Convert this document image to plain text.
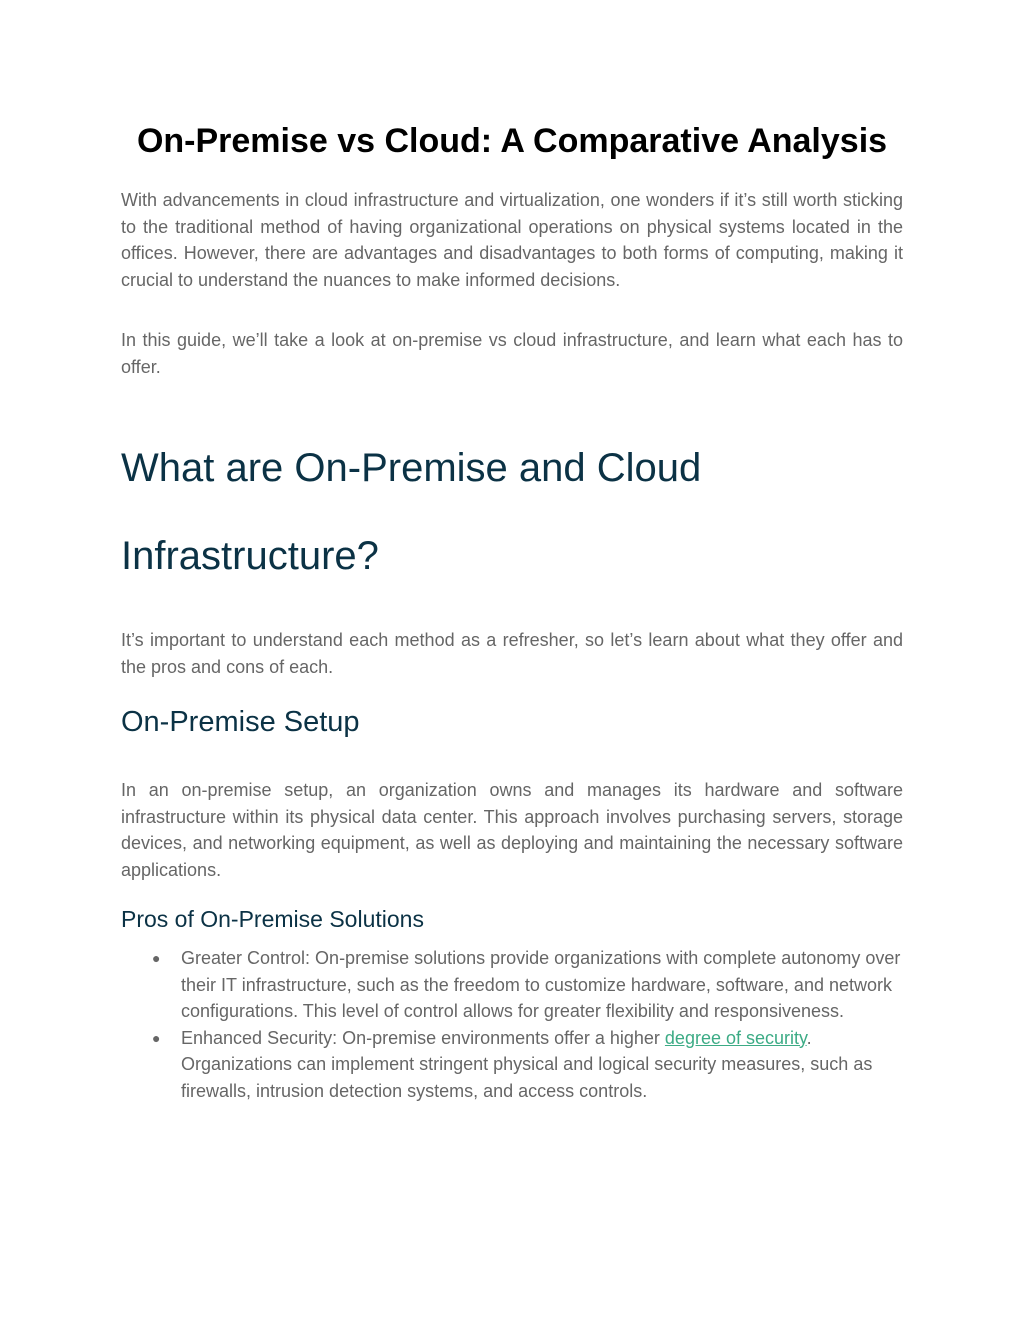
On-Premise vs Cloud: A Comparative Analysis

With advancements in cloud infrastructure and virtualization, one wonders if it’s still worth sticking to the traditional method of having organizational operations on physical systems located in the offices. However, there are advantages and disadvantages to both forms of computing, making it crucial to understand the nuances to make informed decisions.

In this guide, we’ll take a look at on-premise vs cloud infrastructure, and learn what each has to offer.

What are On-Premise and Cloud
Infrastructure?

It’s important to understand each method as a refresher, so let’s learn about what they offer and the pros and cons of each.

On-Premise Setup

In an on-premise setup, an organization owns and manages its hardware and software infrastructure within its physical data center. This approach involves purchasing servers, storage devices, and networking equipment, as well as deploying and maintaining the necessary software applications.

Pros of On-Premise Solutions
●	Greater Control: On-premise solutions provide organizations with complete autonomy over their IT infrastructure, such as the freedom to customize hardware, software, and network configurations. This level of control allows for greater flexibility and responsiveness.
●	Enhanced Security: On-premise environments offer a higher degree of security. Organizations can implement stringent physical and logical security measures, such as firewalls, intrusion detection systems, and access controls.
